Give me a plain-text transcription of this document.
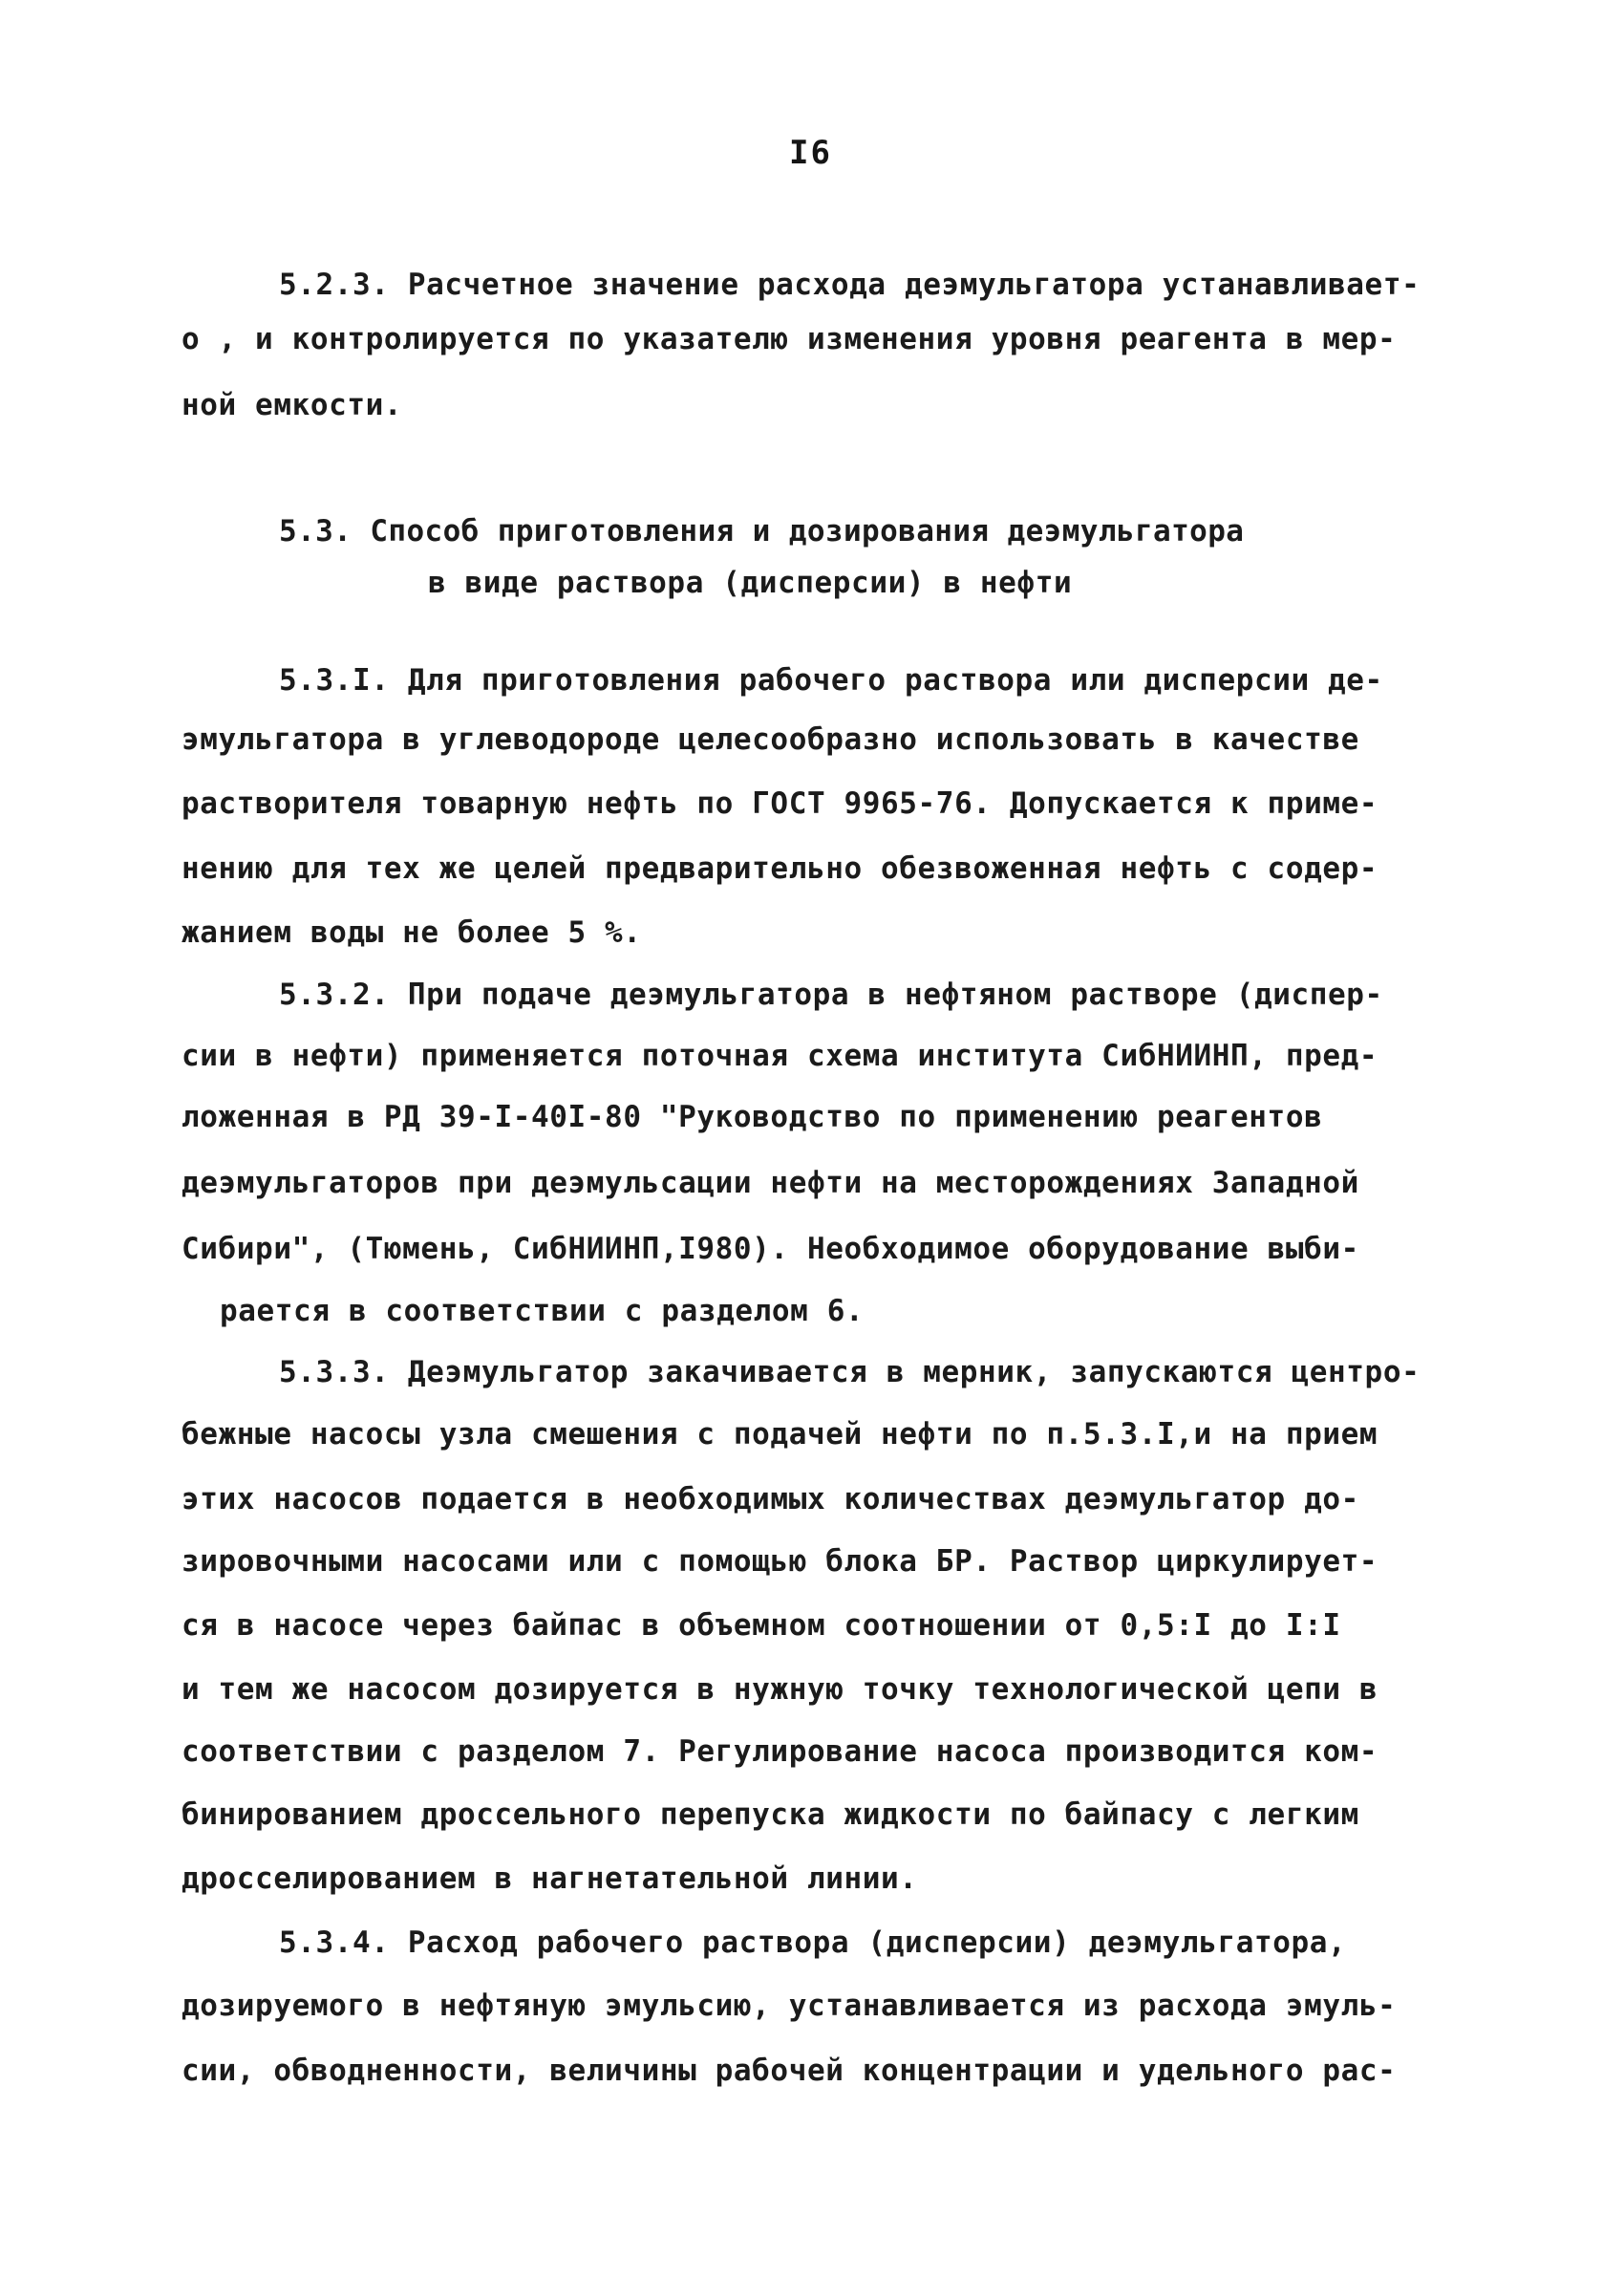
I6
5.2.3. Расчетное значение расхода деэмульгатора устанавливает-
о , и контролируется по указателю изменения уровня реагента в мер-
ной емкости.
5.3. Способ приготовления и дозирования деэмульгатора
в виде раствора (дисперсии) в нефти
5.3.I. Для приготовления рабочего раствора или дисперсии де-
эмульгатора в углеводороде целесообразно использовать в качестве
растворителя товарную нефть по ГОСТ 9965-76. Допускается к приме-
нению для тех же целей предварительно обезвоженная нефть с содер-
жанием воды не более 5 %.
5.3.2. При подаче деэмульгатора в нефтяном растворе (диспер-
сии в нефти) применяется поточная схема института СибНИИНП, пред-
ложенная в РД 39-I-40I-80 "Руководство по применению реагентов
деэмульгаторов при деэмульсации нефти на месторождениях Западной
Сибири", (Тюмень, СибНИИНП,I980). Необходимое оборудование выби-
рается в соответствии с разделом 6.
5.3.3. Деэмульгатор закачивается в мерник, запускаются центро-
бежные насосы узла смешения с подачей нефти по п.5.3.I,и на прием
этих насосов подается в необходимых количествах деэмульгатор до-
зировочными насосами или с помощью блока БР. Раствор циркулирует-
ся в насосе через байпас в объемном соотношении от 0,5:I до I:I
и тем же насосом дозируется в нужную точку технологической цепи в
соответствии с разделом 7. Регулирование насоса производится ком-
бинированием дроссельного перепуска жидкости по байпасу с легким
дросселированием в нагнетательной линии.
5.3.4. Расход рабочего раствора (дисперсии) деэмульгатора,
дозируемого в нефтяную эмульсию, устанавливается из расхода эмуль-
сии, обводненности, величины рабочей концентрации и удельного рас-
